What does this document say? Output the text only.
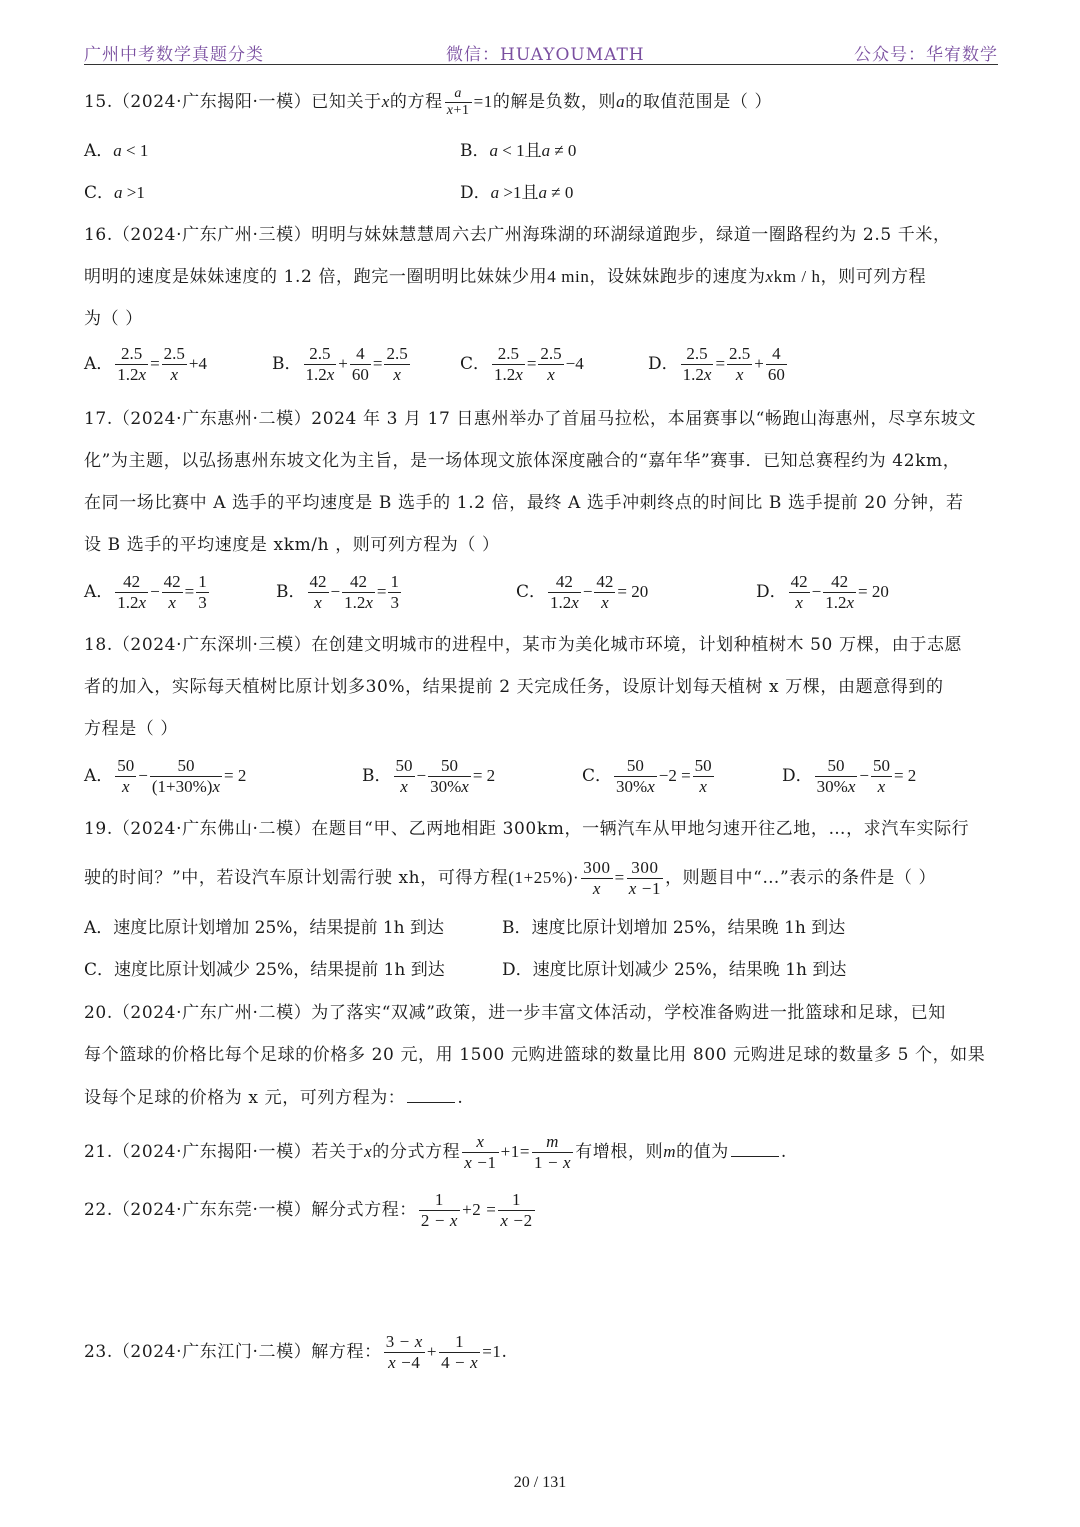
广州中考数学真题分类	微信：HUAYOUMATH	公众号：华宥数学
15.（2024·广东揭阳·一模）已知关于x的方程 $\frac{a}{x+1} =1$的解是负数，则a的取值范围是（ ）
A．a < 1	B．a < 1且a ≠ 0
C．a >1	D．a >1且a ≠ 0
16.（2024·广东广州·三模）明明与妹妹慧慧周六去广州海珠湖的环湖绿道跑步，绿道一圈路程约为 2.5 千米，
明明的速度是妹妹速度的 1.2 倍，跑完一圈明明比妹妹少用4 min，设妹妹跑步的速度为xkm / h，则可列方程
为（ ）
A． $\frac{2.5}{1.2x} = \frac{2.5}{x} +4$	B． $\frac{2.5}{1.2x} + \frac{4}{60} = \frac{2.5}{x}$	C． $\frac{2.5}{1.2x} = \frac{2.5}{x} -4$	D． $\frac{2.5}{1.2x} = \frac{2.5}{x} + \frac{4}{60}$
17.（2024·广东惠州·二模）2024 年 3 月 17 日惠州举办了首届马拉松，本届赛事以“畅跑山海惠州，尽享东坡文
化”为主题，以弘扬惠州东坡文化为主旨，是一场体现文旅体深度融合的“嘉年华”赛事．已知总赛程约为 42km，
在同一场比赛中 A 选手的平均速度是 B 选手的 1.2 倍，最终 A 选手冲刺终点的时间比 B 选手提前 20 分钟，若
设 B 选手的平均速度是 xkm/h ，则可列方程为（ ）
A． $\frac{42}{1.2x} - \frac{42}{x} = \frac{1}{3}$	B． $\frac{42}{x} - \frac{42}{1.2x} = \frac{1}{3}$	C． $\frac{42}{1.2x} - \frac{42}{x} = 20$	D． $\frac{42}{x} - \frac{42}{1.2x} = 20$
18.（2024·广东深圳·三模）在创建文明城市的进程中，某市为美化城市环境，计划种植树木 50 万棵，由于志愿
者的加入，实际每天植树比原计划多30%，结果提前 2 天完成任务，设原计划每天植树 x 万棵，由题意得到的
方程是（ ）
A． $\frac{50}{x} - \frac{50}{(1+30\%)x} = 2$	B． $\frac{50}{x} - \frac{50}{30\%x} = 2$	C． $\frac{50}{30\%x} -2 = \frac{50}{x}$	D． $\frac{50}{30\%x} - \frac{50}{x} = 2$
19.（2024·广东佛山·二模）在题目“甲、乙两地相距 300km，一辆汽车从甲地匀速开往乙地，…，求汽车实际行
驶的时间？”中，若设汽车原计划需行驶 xh，可得方程$(1+25\%)\cdot \frac{300}{x} = \frac{300}{x -1}$ ，则题目中“…”表示的条件是（ ）
A．速度比原计划增加 25%，结果提前 1h 到达	B．速度比原计划增加 25%，结果晚 1h 到达
C．速度比原计划减少 25%，结果提前 1h 到达	D．速度比原计划减少 25%，结果晚 1h 到达
20.（2024·广东广州·二模）为了落实“双减”政策，进一步丰富文体活动，学校准备购进一批篮球和足球，已知
每个篮球的价格比每个足球的价格多 20 元，用 1500 元购进篮球的数量比用 800 元购进足球的数量多 5 个，如果
设每个足球的价格为 x 元，可列方程为：	.
21.（2024·广东揭阳·一模）若关于x的分式方程 $\frac{x}{x -1} +1= \frac{m}{1 - x}$ 有增根，则m的值为	.
22.（2024·广东东莞·一模）解分式方程： $\frac{1}{2 - x} +2 = \frac{1}{x -2}$
23.（2024·广东江门·二模）解方程： $\frac{3 - x}{x -4} + \frac{1}{4 - x} =1$.
20 / 131
